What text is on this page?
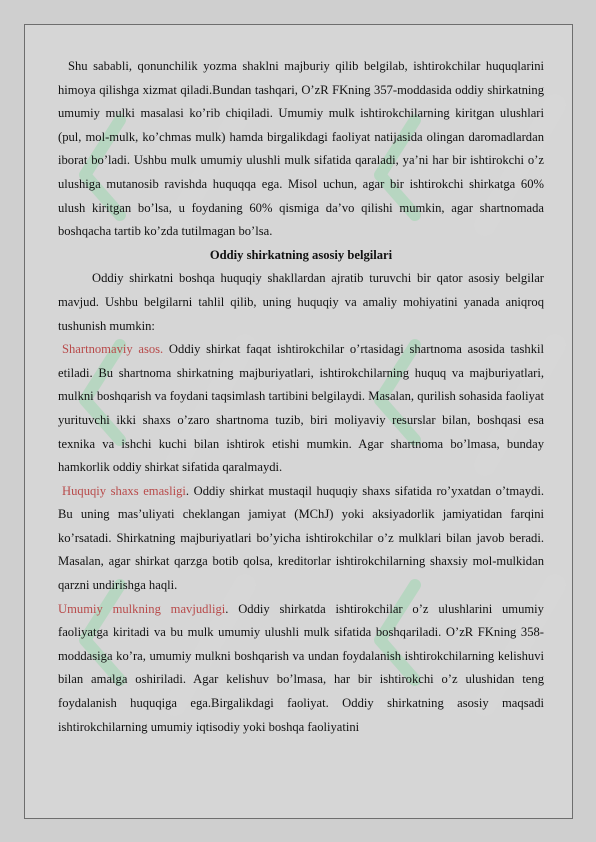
Shu sababli, qonunchilik yozma shaklni majburiy qilib belgilab, ishtirokchilar huquqlarini himoya qilishga xizmat qiladi.Bundan tashqari, O’zR FKning 357-moddasida oddiy shirkatning umumiy mulki masalasi ko’rib chiqiladi. Umumiy mulk ishtirokchilarning kiritgan ulushlari (pul, mol-mulk, ko’chmas mulk) hamda birgalikdagi faoliyat natijasida olingan daromadlardan iborat bo’ladi. Ushbu mulk umumiy ulushli mulk sifatida qaraladi, ya’ni har bir ishtirokchi o’z ulushiga mutanosib ravishda huquqqa ega. Misol uchun, agar bir ishtirokchi shirkatga 60% ulush kiritgan bo’lsa, u foydaning 60% qismiga da’vo qilishi mumkin, agar shartnomada boshqacha tartib ko’zda tutilmagan bo’lsa.

Oddiy shirkatning asosiy belgilari

Oddiy shirkatni boshqa huquqiy shakllardan ajratib turuvchi bir qator asosiy belgilar mavjud. Ushbu belgilarni tahlil qilib, uning huquqiy va amaliy mohiyatini yanada aniqroq tushunish mumkin:

Shartnomaviy asos. Oddiy shirkat faqat ishtirokchilar o’rtasidagi shartnoma asosida tashkil etiladi. Bu shartnoma shirkatning majburiyatlari, ishtirokchilarning huquq va majburiyatlari, mulkni boshqarish va foydani taqsimlash tartibini belgilaydi. Masalan, qurilish sohasida faoliyat yurituvchi ikki shaxs o’zaro shartnoma tuzib, biri moliyaviy resurslar bilan, boshqasi esa texnika va ishchi kuchi bilan ishtirok etishi mumkin. Agar shartnoma bo’lmasa, bunday hamkorlik oddiy shirkat sifatida qaralmaydi.

Huquqiy shaxs emasligi. Oddiy shirkat mustaqil huquqiy shaxs sifatida ro’yxatdan o’tmaydi. Bu uning mas’uliyati cheklangan jamiyat (MChJ) yoki aksiyadorlik jamiyatidan farqini ko’rsatadi. Shirkatning majburiyatlari bo’yicha ishtirokchilar o’z mulklari bilan javob beradi. Masalan, agar shirkat qarzga botib qolsa, kreditorlar ishtirokchilarning shaxsiy mol-mulkidan qarzni undirishga haqli.

Umumiy mulkning mavjudligi. Oddiy shirkatda ishtirokchilar o’z ulushlarini umumiy faoliyatga kiritadi va bu mulk umumiy ulushli mulk sifatida boshqariladi. O’zR FKning 358-moddasiga ko’ra, umumiy mulkni boshqarish va undan foydalanish ishtirokchilarning kelishuvi bilan amalga oshiriladi. Agar kelishuv bo’lmasa, har bir ishtirokchi o’z ulushidan teng foydalanish huquqiga ega.Birgalikdagi faoliyat. Oddiy shirkatning asosiy maqsadi ishtirokchilarning umumiy iqtisodiy yoki boshqa faoliyatini
